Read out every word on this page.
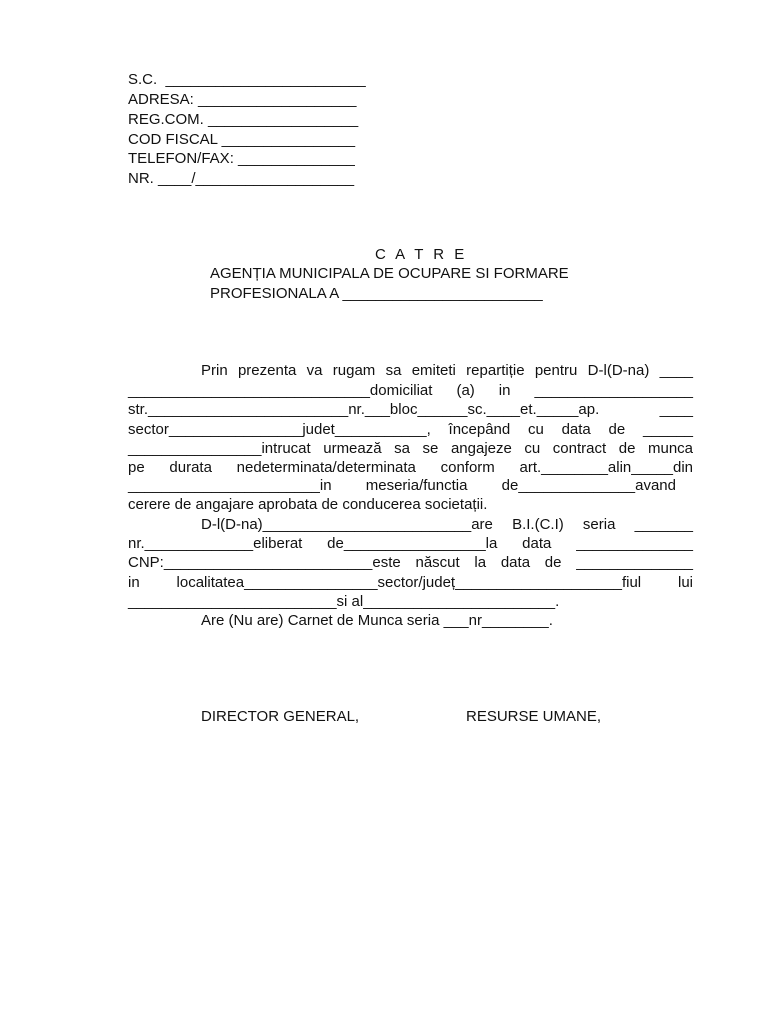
S.C.  ________________________
ADRESA: ___________________
REG.COM. __________________
COD FISCAL ________________
TELEFON/FAX: ______________
NR. ____/___________________
C A T R E
AGENȚIA MUNICIPALA DE OCUPARE SI FORMARE
PROFESIONALA A ________________________
Prin prezenta va rugam sa emiteti repartiție pentru D-l(D-na) ____
_____________________________domiciliat (a) in ___________________
str.________________________nr.___bloc______sc.____et._____ap. ____
sector________________judet___________, începând cu data de ______
________________intrucat urmează sa se angajeze cu contract de munca
pe durata nedeterminata/determinata conform art.________alin_____din
_______________________in meseria/functia de______________avand
cerere de angajare aprobata de conducerea societații.
D-l(D-na)_________________________are B.I.(C.I) seria _______
nr._____________eliberat de_________________la data ______________
CNP:_________________________este născut la data de ______________
in localitatea________________sector/județ____________________fiul lui
_________________________si al_______________________.
Are (Nu are) Carnet de Munca seria ___nr________.
DIRECTOR GENERAL,	RESURSE UMANE,
